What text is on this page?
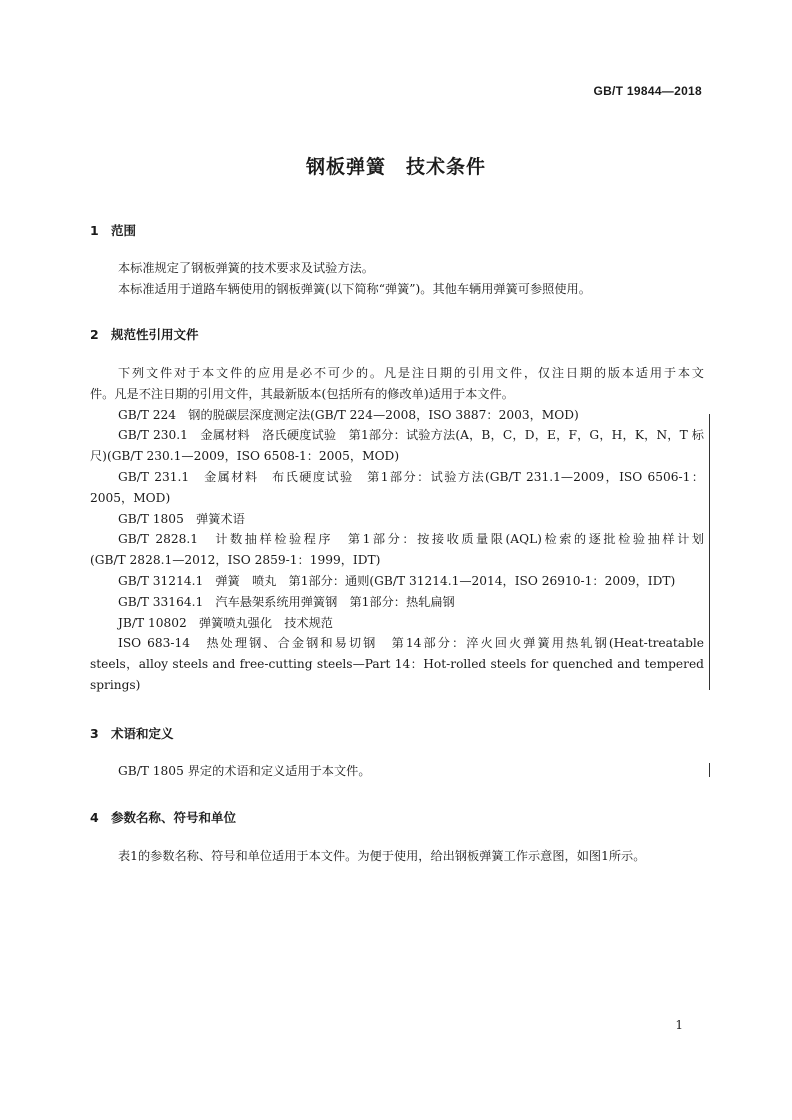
GB/T 19844—2018
钢板弹簧　技术条件
1 范围
本标准规定了钢板弹簧的技术要求及试验方法。
本标准适用于道路车辆使用的钢板弹簧(以下简称“弹簧”)。其他车辆用弹簧可参照使用。
2 规范性引用文件
下列文件对于本文件的应用是必不可少的。凡是注日期的引用文件，仅注日期的版本适用于本文
件。凡是不注日期的引用文件，其最新版本(包括所有的修改单)适用于本文件。
GB/T 224　钢的脱碳层深度测定法(GB/T 224—2008，ISO 3887：2003，MOD)
GB/T 230.1　金属材料　洛氏硬度试验　第1部分：试验方法(A，B，C，D，E，F，G，H，K，N，T 标
尺)(GB/T 230.1—2009，ISO 6508-1：2005，MOD)
GB/T 231.1　金属材料　布氏硬度试验　第1部分：试验方法(GB/T 231.1—2009，ISO 6506-1：
2005，MOD)
GB/T 1805　弹簧术语
GB/T 2828.1　计数抽样检验程序　第1部分：按接收质量限(AQL)检索的逐批检验抽样计划
(GB/T 2828.1—2012，ISO 2859-1：1999，IDT)
GB/T 31214.1　弹簧　喷丸　第1部分：通则(GB/T 31214.1—2014，ISO 26910-1：2009，IDT)
GB/T 33164.1　汽车悬架系统用弹簧钢　第1部分：热轧扁钢
JB/T 10802　弹簧喷丸强化　技术规范
ISO 683-14　热处理钢、合金钢和易切钢　第14部分：淬火回火弹簧用热轧钢(Heat-treatable
steels，alloy steels and free-cutting steels—Part 14：Hot-rolled steels for quenched and tempered
springs)
3 术语和定义
GB/T 1805 界定的术语和定义适用于本文件。
4 参数名称、符号和单位
表1的参数名称、符号和单位适用于本文件。为便于使用，给出钢板弹簧工作示意图，如图1所示。
1
